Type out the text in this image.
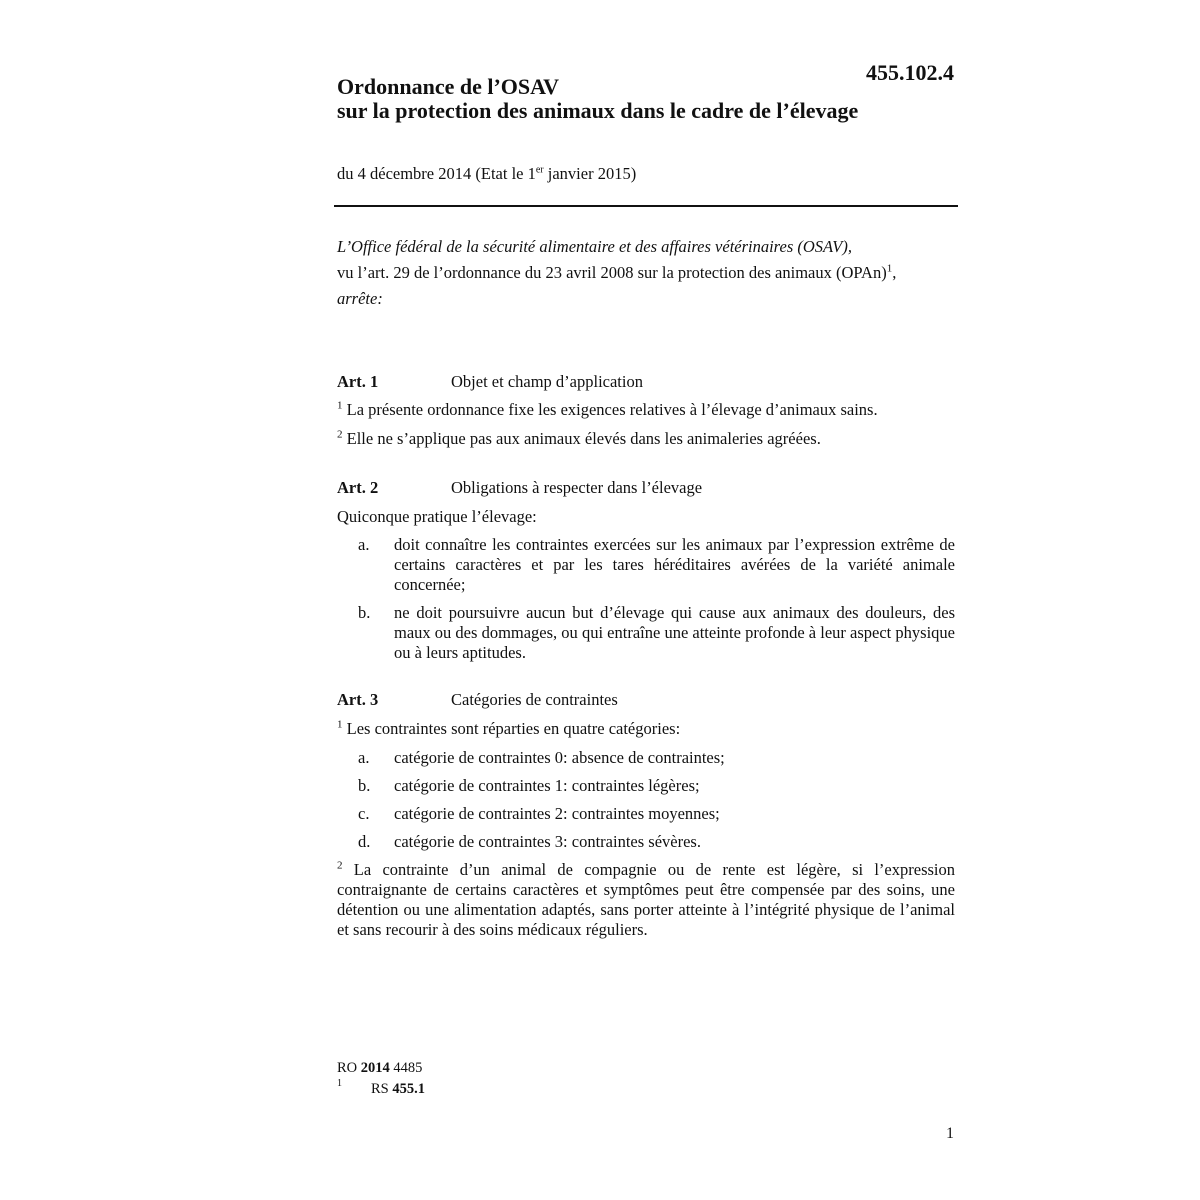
455.102.4
Ordonnance de l’OSAV
sur la protection des animaux dans le cadre de l’élevage
du 4 décembre 2014 (Etat le 1er janvier 2015)
L’Office fédéral de la sécurité alimentaire et des affaires vétérinaires (OSAV),
vu l’art. 29 de l’ordonnance du 23 avril 2008 sur la protection des animaux (OPAn)$^1$,
arrête:
Art. 1	Objet et champ d’application
$^1$ La présente ordonnance fixe les exigences relatives à l’élevage d’animaux sains.
$^2$ Elle ne s’applique pas aux animaux élevés dans les animaleries agréées.
Art. 2	Obligations à respecter dans l’élevage
Quiconque pratique l’élevage:
a. doit connaître les contraintes exercées sur les animaux par l’expression extrême de certains caractères et par les tares héréditaires avérées de la variété animale concernée;
b. ne doit poursuivre aucun but d’élevage qui cause aux animaux des douleurs, des maux ou des dommages, ou qui entraîne une atteinte profonde à leur aspect physique ou à leurs aptitudes.
Art. 3	Catégories de contraintes
$^1$ Les contraintes sont réparties en quatre catégories:
a. catégorie de contraintes 0: absence de contraintes;
b. catégorie de contraintes 1: contraintes légères;
c. catégorie de contraintes 2: contraintes moyennes;
d. catégorie de contraintes 3: contraintes sévères.
$^2$ La contrainte d’un animal de compagnie ou de rente est légère, si l’expression contraignante de certains caractères et symptômes peut être compensée par des soins, une détention ou une alimentation adaptés, sans porter atteinte à l’intégrité physique de l’animal et sans recourir à des soins médicaux réguliers.
RO 2014 4485
1 RS 455.1
1
